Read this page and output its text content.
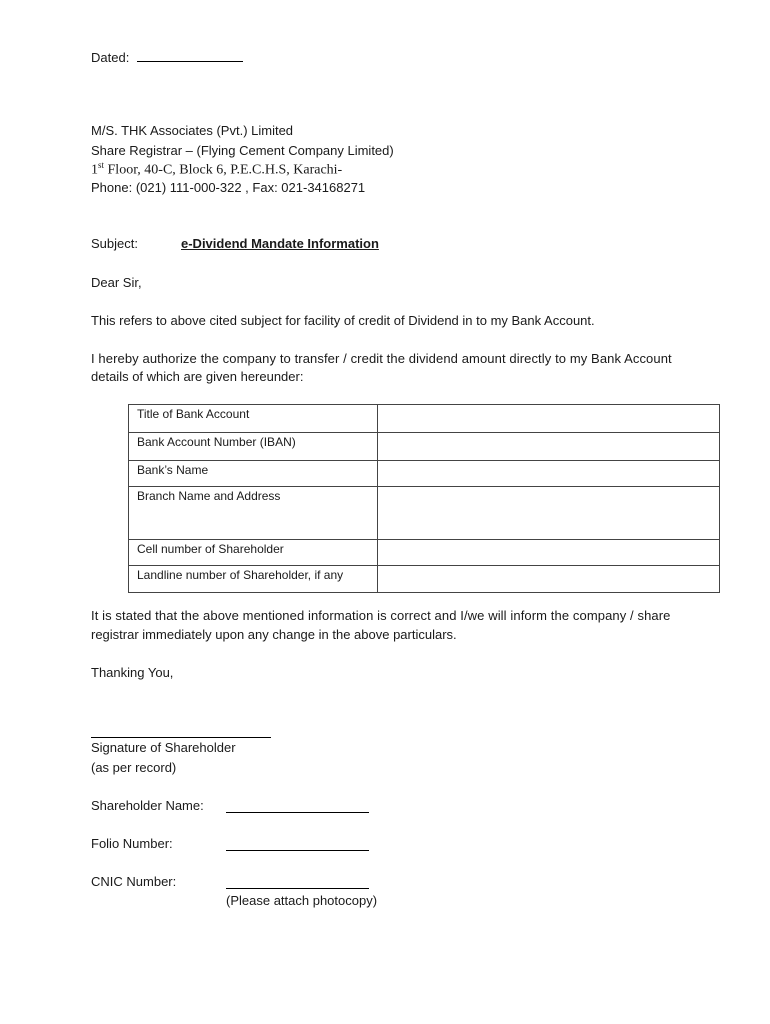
Dated:
M/S. THK Associates (Pvt.) Limited
Share Registrar – (Flying Cement Company Limited)
1st Floor, 40-C, Block 6, P.E.C.H.S, Karachi-
Phone: (021) 111-000-322 , Fax: 021-34168271
Subject:	e-Dividend Mandate Information
Dear Sir,
This refers to above cited subject for facility of credit of Dividend in to my Bank Account.
I hereby authorize the company to transfer / credit the dividend amount directly to my Bank Account
details of which are given hereunder:
Title of Bank Account	
Bank Account Number (IBAN)	
Bank’s Name	
Branch Name and Address	
Cell number of Shareholder	
Landline number of Shareholder, if any	
It is stated that the above mentioned information is correct and I/we will inform the company / share
registrar immediately upon any change in the above particulars.
Thanking You,
Signature of Shareholder
(as per record)
Shareholder Name:
Folio Number:
CNIC Number:
(Please attach photocopy)
